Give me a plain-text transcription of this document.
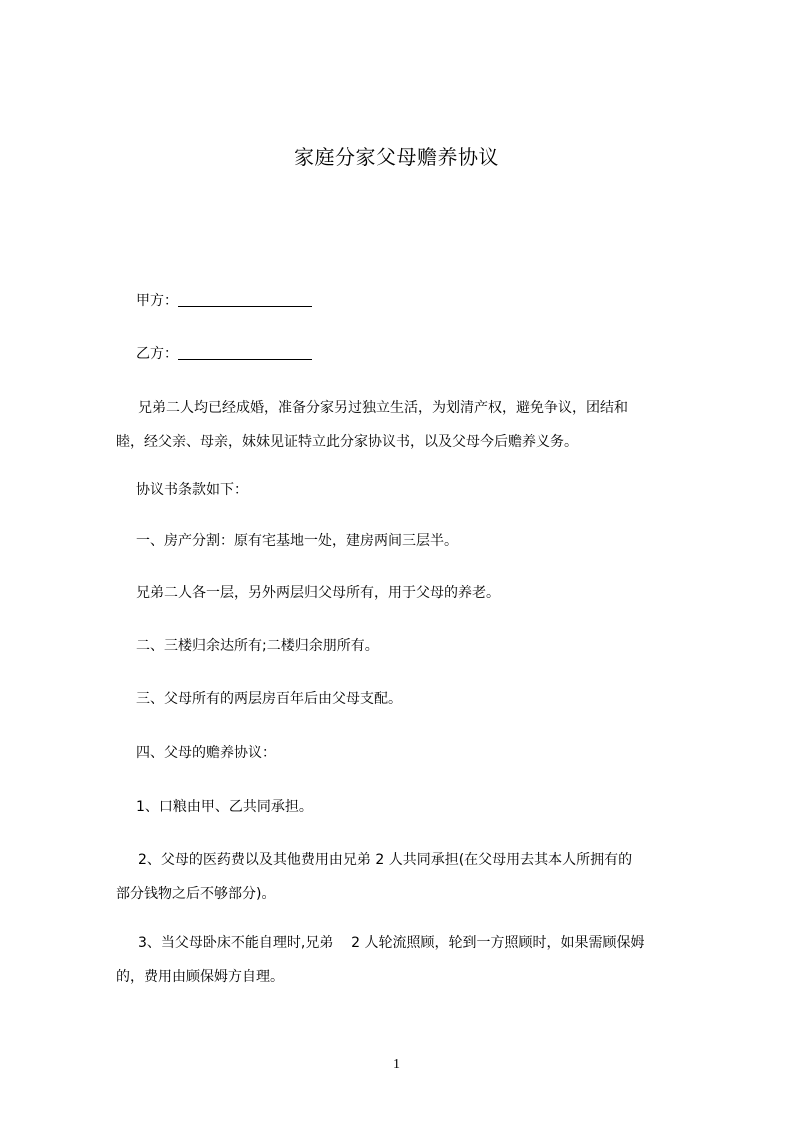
家庭分家父母赡养协议
甲方：
乙方：
兄弟二人均已经成婚，准备分家另过独立生活，为划清产权，避免争议，团结和
睦，经父亲、母亲，妹妹见证特立此分家协议书，以及父母今后赡养义务。
协议书条款如下：
一、房产分割：原有宅基地一处，建房两间三层半。
兄弟二人各一层，另外两层归父母所有，用于父母的养老。
二、三楼归余达所有;二楼归余朋所有。
三、父母所有的两层房百年后由父母支配。
四、父母的赡养协议：
1、口粮由甲、乙共同承担。
2、父母的医药费以及其他费用由兄弟 2 人共同承担(在父母用去其本人所拥有的
部分钱物之后不够部分)。
3、当父母卧床不能自理时,兄弟    2 人轮流照顾，轮到一方照顾时，如果需顾保姆
的，费用由顾保姆方自理。
1
